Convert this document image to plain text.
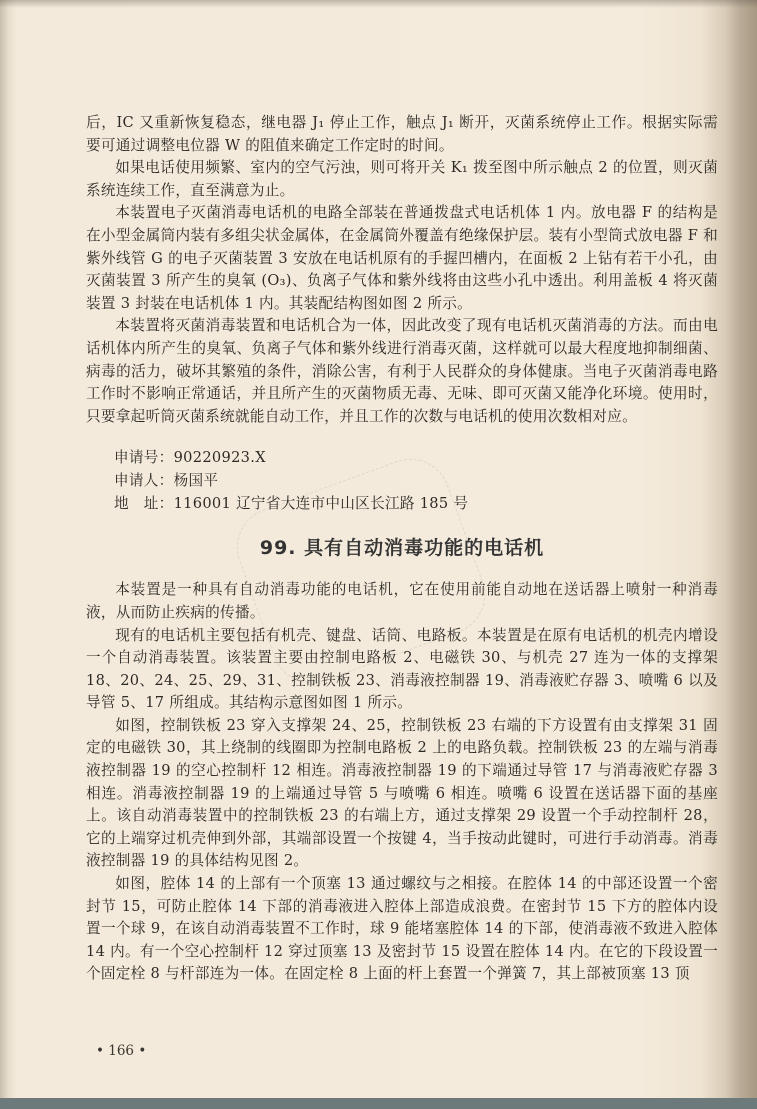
后，IC 又重新恢复稳态，继电器 J₁ 停止工作，触点 J₁ 断开，灭菌系统停止工作。根据实际需要可通过调整电位器 W 的阻值来确定工作定时的时间。

如果电话使用频繁、室内的空气污浊，则可将开关 K₁ 拨至图中所示触点 2 的位置，则灭菌系统连续工作，直至满意为止。

本装置电子灭菌消毒电话机的电路全部装在普通拨盘式电话机体 1 内。放电器 F 的结构是在小型金属筒内装有多组尖状金属体，在金属筒外覆盖有绝缘保护层。装有小型筒式放电器 F 和紫外线管 G 的电子灭菌装置 3 安放在电话机原有的手握凹槽内，在面板 2 上钻有若干小孔，由灭菌装置 3 所产生的臭氧 (O₃)、负离子气体和紫外线将由这些小孔中透出。利用盖板 4 将灭菌装置 3 封装在电话机体 1 内。其装配结构图如图 2 所示。

本装置将灭菌消毒装置和电话机合为一体，因此改变了现有电话机灭菌消毒的方法。而由电话机体内所产生的臭氧、负离子气体和紫外线进行消毒灭菌，这样就可以最大程度地抑制细菌、病毒的活力，破坏其繁殖的条件，消除公害，有利于人民群众的身体健康。当电子灭菌消毒电路工作时不影响正常通话，并且所产生的灭菌物质无毒、无味、即可灭菌又能净化环境。使用时，只要拿起听筒灭菌系统就能自动工作，并且工作的次数与电话机的使用次数相对应。

申请号：90220923.X

申请人：杨国平

地　址：116001 辽宁省大连市中山区长江路 185 号

99. 具有自动消毒功能的电话机

本装置是一种具有自动消毒功能的电话机，它在使用前能自动地在送话器上喷射一种消毒液，从而防止疾病的传播。

现有的电话机主要包括有机壳、键盘、话筒、电路板。本装置是在原有电话机的机壳内增设一个自动消毒装置。该装置主要由控制电路板 2、电磁铁 30、与机壳 27 连为一体的支撑架 18、20、24、25、29、31、控制铁板 23、消毒液控制器 19、消毒液贮存器 3、喷嘴 6 以及导管 5、17 所组成。其结构示意图如图 1 所示。

如图，控制铁板 23 穿入支撑架 24、25，控制铁板 23 右端的下方设置有由支撑架 31 固定的电磁铁 30，其上绕制的线圈即为控制电路板 2 上的电路负载。控制铁板 23 的左端与消毒液控制器 19 的空心控制杆 12 相连。消毒液控制器 19 的下端通过导管 17 与消毒液贮存器 3 相连。消毒液控制器 19 的上端通过导管 5 与喷嘴 6 相连。喷嘴 6 设置在送话器下面的基座上。该自动消毒装置中的控制铁板 23 的右端上方，通过支撑架 29 设置一个手动控制杆 28，它的上端穿过机壳伸到外部，其端部设置一个按键 4，当手按动此键时，可进行手动消毒。消毒液控制器 19 的具体结构见图 2。

如图，腔体 14 的上部有一个顶塞 13 通过螺纹与之相接。在腔体 14 的中部还设置一个密封节 15，可防止腔体 14 下部的消毒液进入腔体上部造成浪费。在密封节 15 下方的腔体内设置一个球 9，在该自动消毒装置不工作时，球 9 能堵塞腔体 14 的下部，使消毒液不致进入腔体 14 内。有一个空心控制杆 12 穿过顶塞 13 及密封节 15 设置在腔体 14 内。在它的下段设置一个固定栓 8 与杆部连为一体。在固定栓 8 上面的杆上套置一个弹簧 7，其上部被顶塞 13 顶

• 166 •
